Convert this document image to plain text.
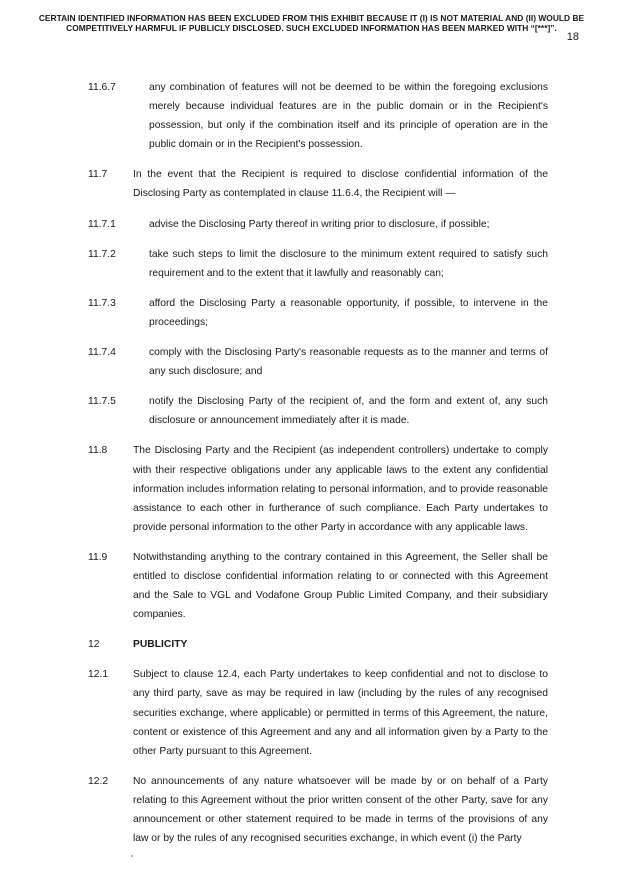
CERTAIN IDENTIFIED INFORMATION HAS BEEN EXCLUDED FROM THIS EXHIBIT BECAUSE IT (I) IS NOT MATERIAL AND (II) WOULD BE COMPETITIVELY HARMFUL IF PUBLICLY DISCLOSED. SUCH EXCLUDED INFORMATION HAS BEEN MARKED WITH “[***]”.
18
11.6.7	any combination of features will not be deemed to be within the foregoing exclusions merely because individual features are in the public domain or in the Recipient's possession, but only if the combination itself and its principle of operation are in the public domain or in the Recipient's possession.
11.7	In the event that the Recipient is required to disclose confidential information of the Disclosing Party as contemplated in clause 11.6.4, the Recipient will —
11.7.1	advise the Disclosing Party thereof in writing prior to disclosure, if possible;
11.7.2	take such steps to limit the disclosure to the minimum extent required to satisfy such requirement and to the extent that it lawfully and reasonably can;
11.7.3	afford the Disclosing Party a reasonable opportunity, if possible, to intervene in the proceedings;
11.7.4	comply with the Disclosing Party's reasonable requests as to the manner and terms of any such disclosure; and
11.7.5	notify the Disclosing Party of the recipient of, and the form and extent of, any such disclosure or announcement immediately after it is made.
11.8	The Disclosing Party and the Recipient (as independent controllers) undertake to comply with their respective obligations under any applicable laws to the extent any confidential information includes information relating to personal information, and to provide reasonable assistance to each other in furtherance of such compliance. Each Party undertakes to provide personal information to the other Party in accordance with any applicable laws.
11.9	Notwithstanding anything to the contrary contained in this Agreement, the Seller shall be entitled to disclose confidential information relating to or connected with this Agreement and the Sale to VGL and Vodafone Group Public Limited Company, and their subsidiary companies.
12	PUBLICITY
12.1	Subject to clause 12.4, each Party undertakes to keep confidential and not to disclose to any third party, save as may be required in law (including by the rules of any recognised securities exchange, where applicable) or permitted in terms of this Agreement, the nature, content or existence of this Agreement and any and all information given by a Party to the other Party pursuant to this Agreement.
12.2	No announcements of any nature whatsoever will be made by or on behalf of a Party relating to this Agreement without the prior written consent of the other Party, save for any announcement or other statement required to be made in terms of the provisions of any law or by the rules of any recognised securities exchange, in which event (i) the Party
